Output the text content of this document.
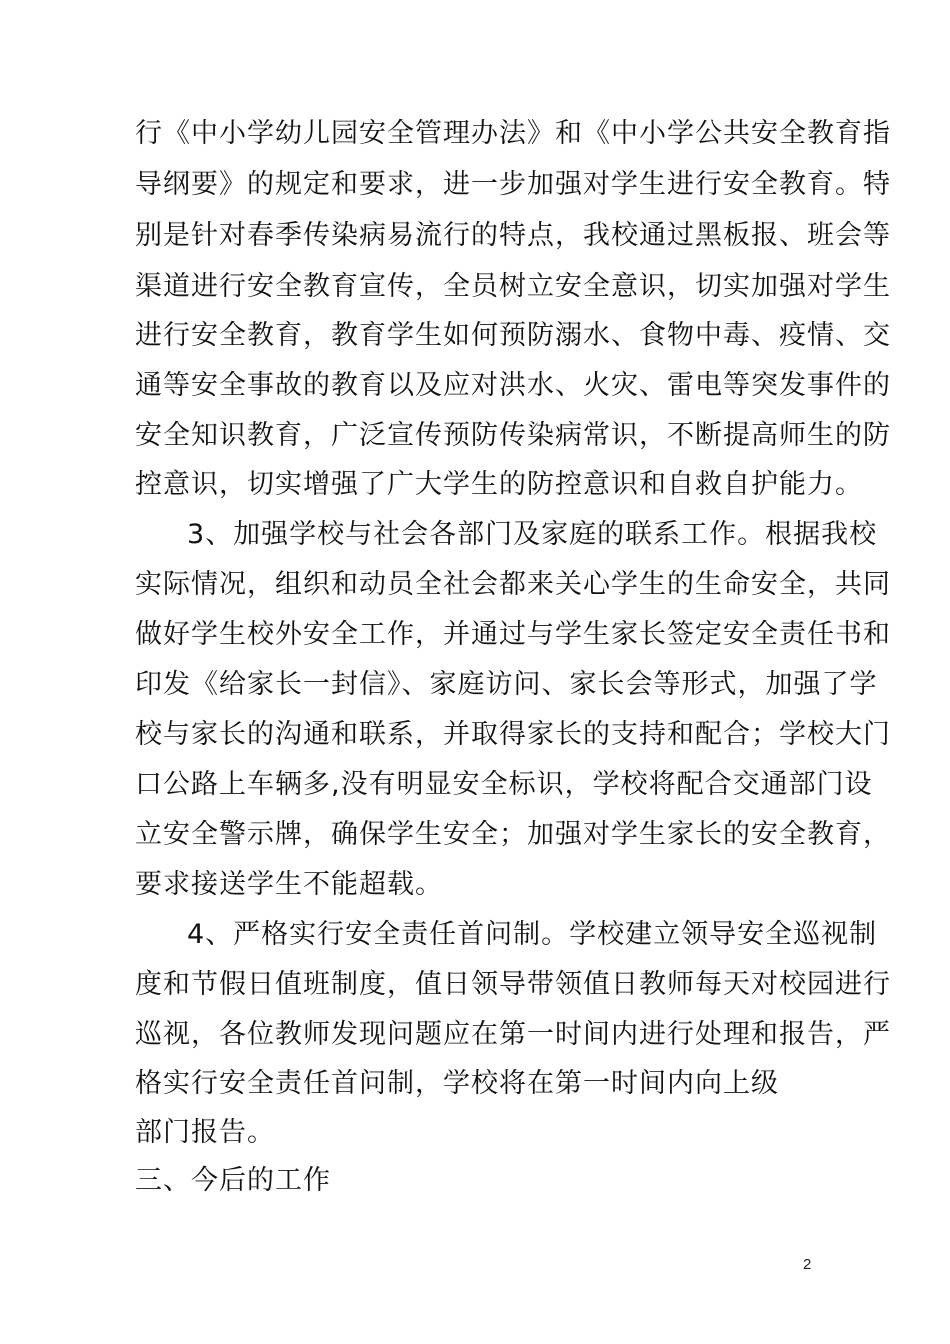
行《中小学幼儿园安全管理办法》和《中小学公共安全教育指
导纲要》的规定和要求，进一步加强对学生进行安全教育。特
别是针对春季传染病易流行的特点，我校通过黑板报、班会等
渠道进行安全教育宣传，全员树立安全意识，切实加强对学生
进行安全教育，教育学生如何预防溺水、食物中毒、疫情、交
通等安全事故的教育以及应对洪水、火灾、雷电等突发事件的
安全知识教育，广泛宣传预防传染病常识，不断提高师生的防
控意识，切实增强了广大学生的防控意识和自救自护能力。
3、加强学校与社会各部门及家庭的联系工作。根据我校
实际情况，组织和动员全社会都来关心学生的生命安全，共同
做好学生校外安全工作，并通过与学生家长签定安全责任书和
印发《给家长一封信》、家庭访问、家长会等形式，加强了学
校与家长的沟通和联系，并取得家长的支持和配合；学校大门
口公路上车辆多,没有明显安全标识，学校将配合交通部门设
立安全警示牌，确保学生安全；加强对学生家长的安全教育，
要求接送学生不能超载。
4、严格实行安全责任首问制。学校建立领导安全巡视制
度和节假日值班制度，值日领导带领值日教师每天对校园进行
巡视，各位教师发现问题应在第一时间内进行处理和报告，严
格实行安全责任首问制，学校将在第一时间内向上级
部门报告。
三、今后的工作
2
